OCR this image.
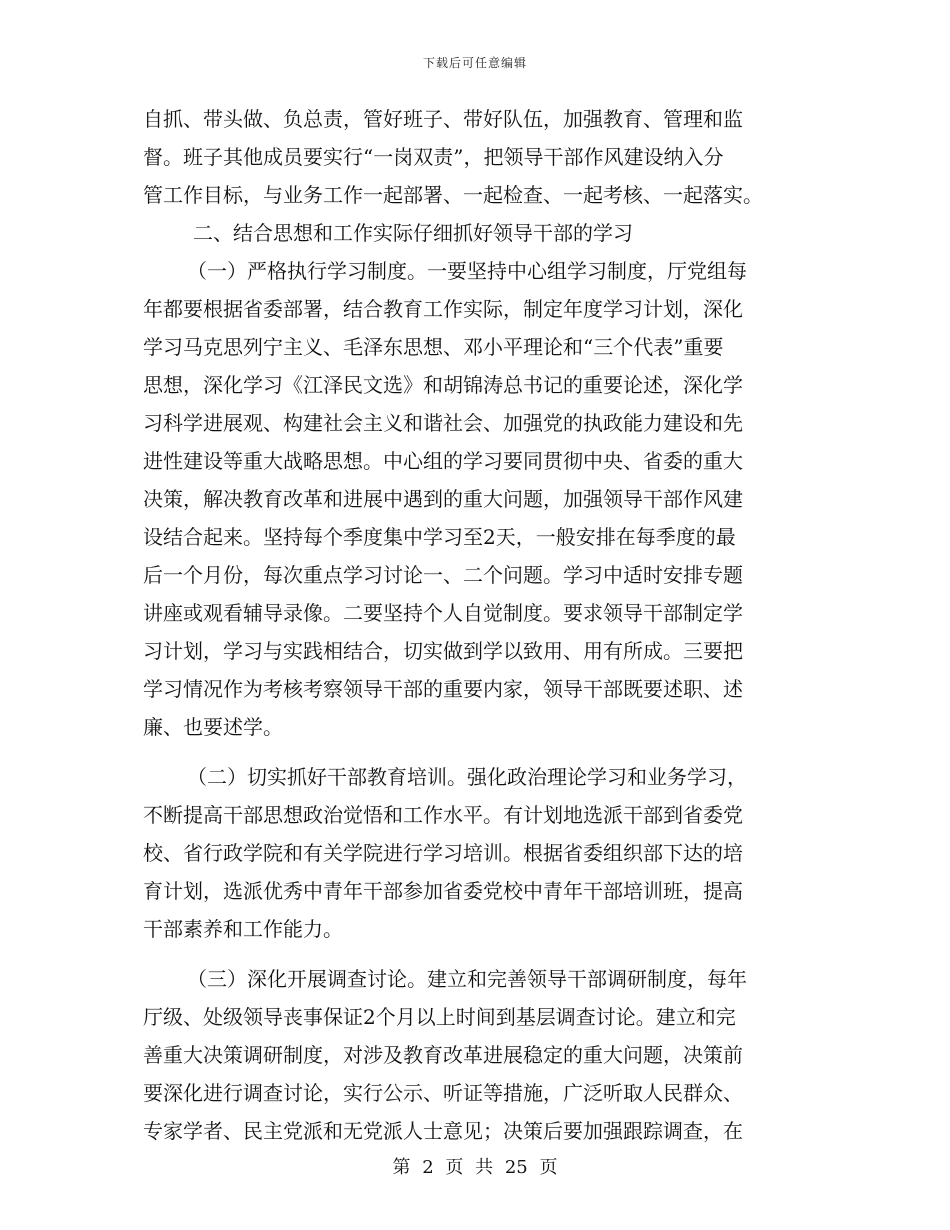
下载后可任意编辑
自抓、带头做、负总责，管好班子、带好队伍，加强教育、管理和监
督。班子其他成员要实行“一岗双责”，把领导干部作风建设纳入分
管工作目标，与业务工作一起部署、一起检查、一起考核、一起落实。
二、结合思想和工作实际仔细抓好领导干部的学习
（一）严格执行学习制度。一要坚持中心组学习制度，厅党组每
年都要根据省委部署，结合教育工作实际，制定年度学习计划，深化
学习马克思列宁主义、毛泽东思想、邓小平理论和“三个代表”重要
思想，深化学习《江泽民文选》和胡锦涛总书记的重要论述，深化学
习科学进展观、构建社会主义和谐社会、加强党的执政能力建设和先
进性建设等重大战略思想。中心组的学习要同贯彻中央、省委的重大
决策，解决教育改革和进展中遇到的重大问题，加强领导干部作风建
设结合起来。坚持每个季度集中学习至2天，一般安排在每季度的最
后一个月份，每次重点学习讨论一、二个问题。学习中适时安排专题
讲座或观看辅导录像。二要坚持个人自觉制度。要求领导干部制定学
习计划，学习与实践相结合，切实做到学以致用、用有所成。三要把
学习情况作为考核考察领导干部的重要内家，领导干部既要述职、述
廉、也要述学。
（二）切实抓好干部教育培训。强化政治理论学习和业务学习，
不断提高干部思想政治觉悟和工作水平。有计划地选派干部到省委党
校、省行政学院和有关学院进行学习培训。根据省委组织部下达的培
育计划，选派优秀中青年干部参加省委党校中青年干部培训班，提高
干部素养和工作能力。
（三）深化开展调查讨论。建立和完善领导干部调研制度，每年
厅级、处级领导丧事保证2个月以上时间到基层调查讨论。建立和完
善重大决策调研制度，对涉及教育改革进展稳定的重大问题，决策前
要深化进行调查讨论，实行公示、听证等措施，广泛听取人民群众、
专家学者、民主党派和无党派人士意见；决策后要加强跟踪调查，在
第 2 页 共 25 页
